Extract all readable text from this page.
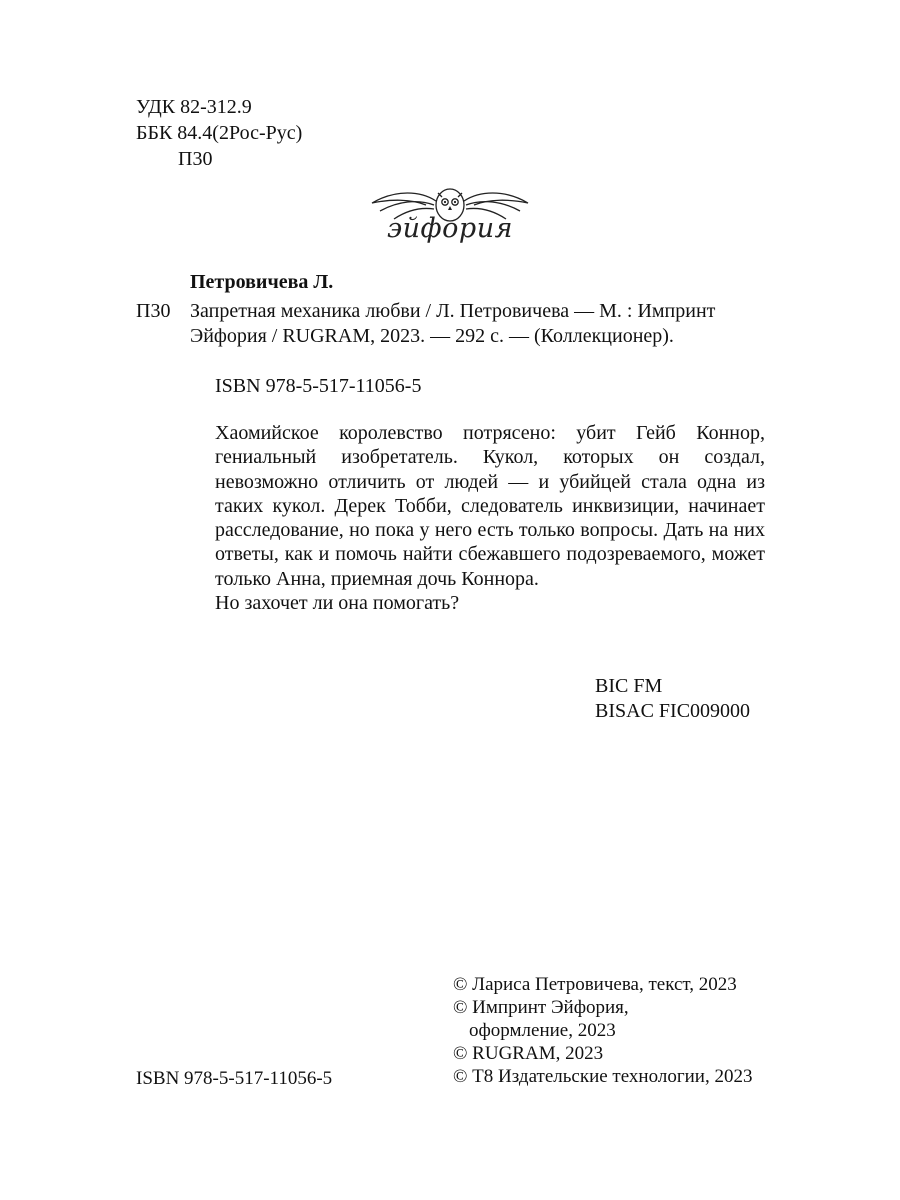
УДК 82-312.9
ББК 84.4(2Рос-Рус)
П30
эйфория
Петровичева Л.
П30 Запретная механика любви / Л. Петровичева — М. : Импринт
Эйфория / RUGRAM, 2023. — 292 с. — (Коллекционер).
ISBN 978-5-517-11056-5

Хаомийское королевство потрясено: убит Гейб Коннор, гениальный изобретатель. Кукол, которых он создал, невозможно отличить от людей — и убийцей стала одна из таких кукол. Дерек Тобби, следователь инквизиции, начинает расследование, но пока у него есть только вопросы. Дать на них ответы, как и помочь найти сбежавшего подозреваемого, может только Анна, приемная дочь Коннора.

Но захочет ли она помогать?

BIC FM
BISAC FIC009000
© Лариса Петровичева, текст, 2023
© Импринт Эйфория,
оформление, 2023
© RUGRAM, 2023
© Т8 Издательские технологии, 2023
ISBN 978-5-517-11056-5
